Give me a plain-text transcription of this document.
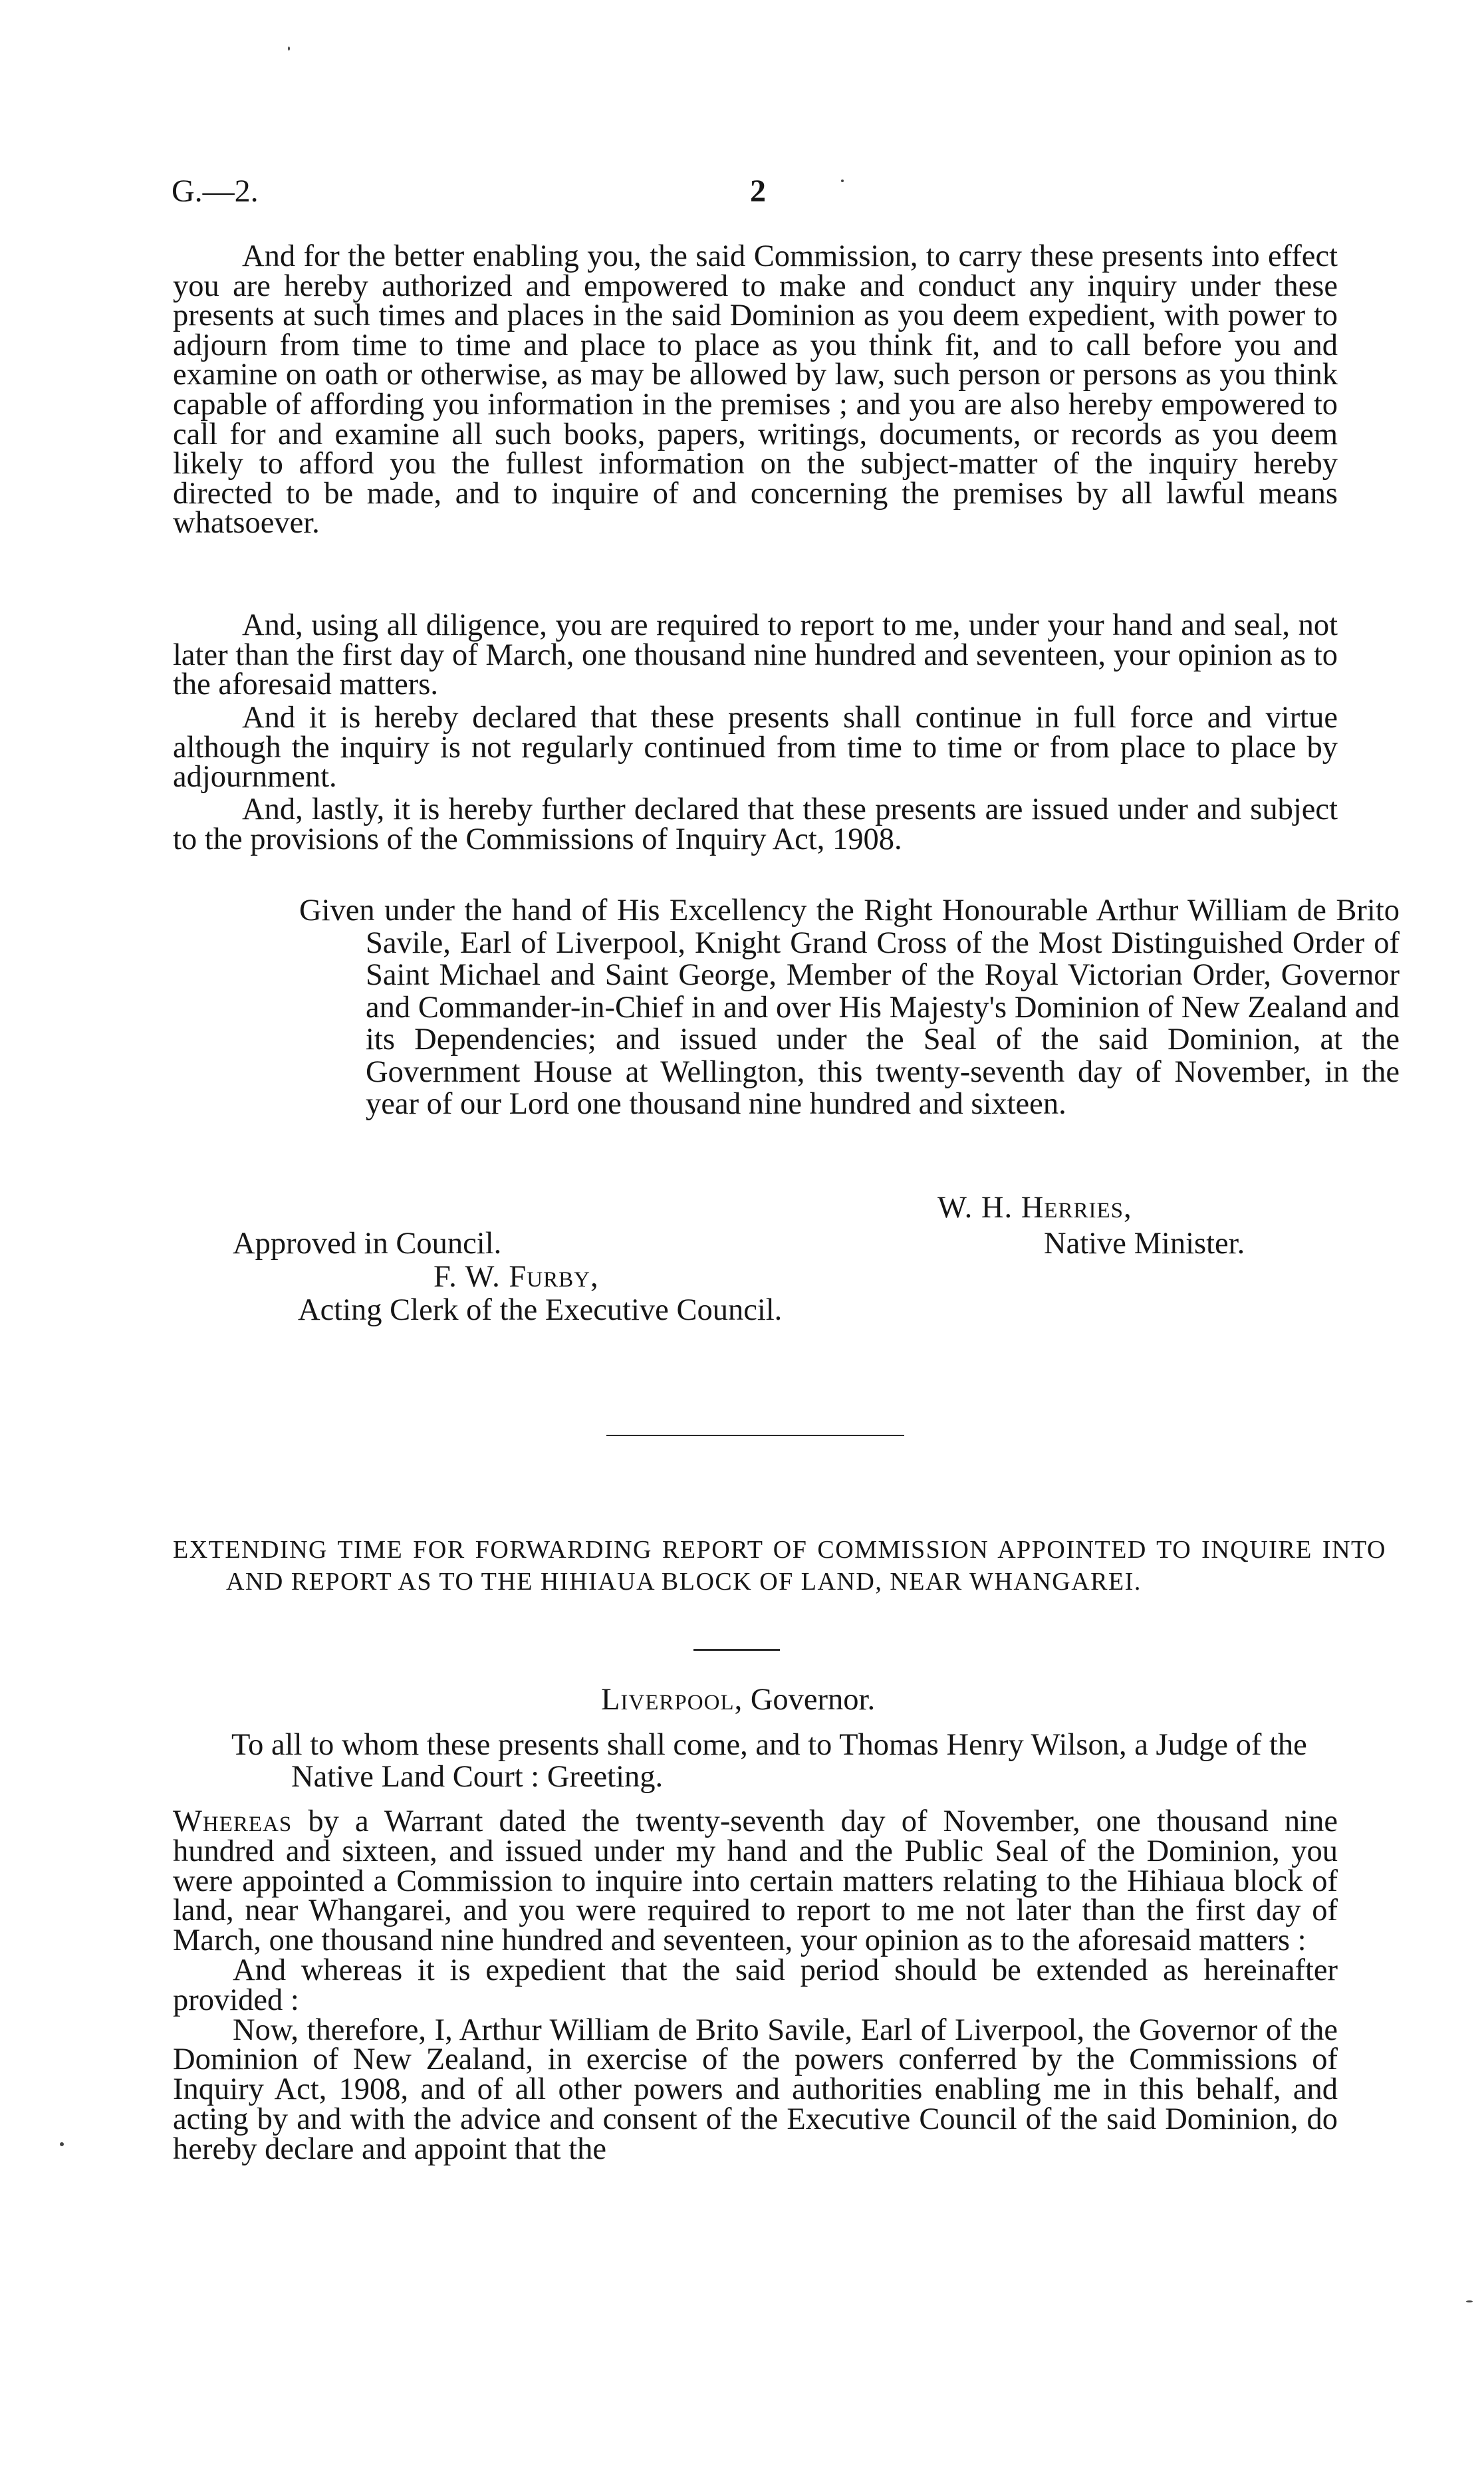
G.—2.	2
And for the better enabling you, the said Commission, to carry these presents into effect you are hereby authorized and empowered to make and conduct any inquiry under these presents at such times and places in the said Dominion as you deem expedient, with power to adjourn from time to time and place to place as you think fit, and to call before you and examine on oath or otherwise, as may be allowed by law, such person or persons as you think capable of affording you information in the premises ; and you are also hereby empowered to call for and examine all such books, papers, writings, documents, or records as you deem likely to afford you the fullest information on the subject-matter of the inquiry hereby directed to be made, and to inquire of and concerning the premises by all lawful means whatsoever.
And, using all diligence, you are required to report to me, under your hand and seal, not later than the first day of March, one thousand nine hundred and seventeen, your opinion as to the aforesaid matters.
And it is hereby declared that these presents shall continue in full force and virtue although the inquiry is not regularly continued from time to time or from place to place by adjournment.
And, lastly, it is hereby further declared that these presents are issued under and subject to the provisions of the Commissions of Inquiry Act, 1908.
Given under the hand of His Excellency the Right Honourable Arthur William de Brito Savile, Earl of Liverpool, Knight Grand Cross of the Most Distinguished Order of Saint Michael and Saint George, Member of the Royal Victorian Order, Governor and Commander-in-Chief in and over His Majesty's Dominion of New Zealand and its Dependencies; and issued under the Seal of the said Dominion, at the Government House at Wellington, this twenty-seventh day of November, in the year of our Lord one thousand nine hundred and sixteen.
W. H. Herries,
Native Minister.
Approved in Council.
F. W. Furby,
Acting Clerk of the Executive Council.
EXTENDING TIME FOR FORWARDING REPORT OF COMMISSION APPOINTED TO INQUIRE INTO AND REPORT AS TO THE HIHIAUA BLOCK OF LAND, NEAR WHANGAREI.
Liverpool, Governor.
To all to whom these presents shall come, and to Thomas Henry Wilson, a Judge of the Native Land Court : Greeting.
Whereas by a Warrant dated the twenty-seventh day of November, one thousand nine hundred and sixteen, and issued under my hand and the Public Seal of the Dominion, you were appointed a Commission to inquire into certain matters relating to the Hihiaua block of land, near Whangarei, and you were required to report to me not later than the first day of March, one thousand nine hundred and seventeen, your opinion as to the aforesaid matters :
And whereas it is expedient that the said period should be extended as hereinafter provided :
Now, therefore, I, Arthur William de Brito Savile, Earl of Liverpool, the Governor of the Dominion of New Zealand, in exercise of the powers conferred by the Commissions of Inquiry Act, 1908, and of all other powers and authorities enabling me in this behalf, and acting by and with the advice and consent of the Executive Council of the said Dominion, do hereby declare and appoint that the
